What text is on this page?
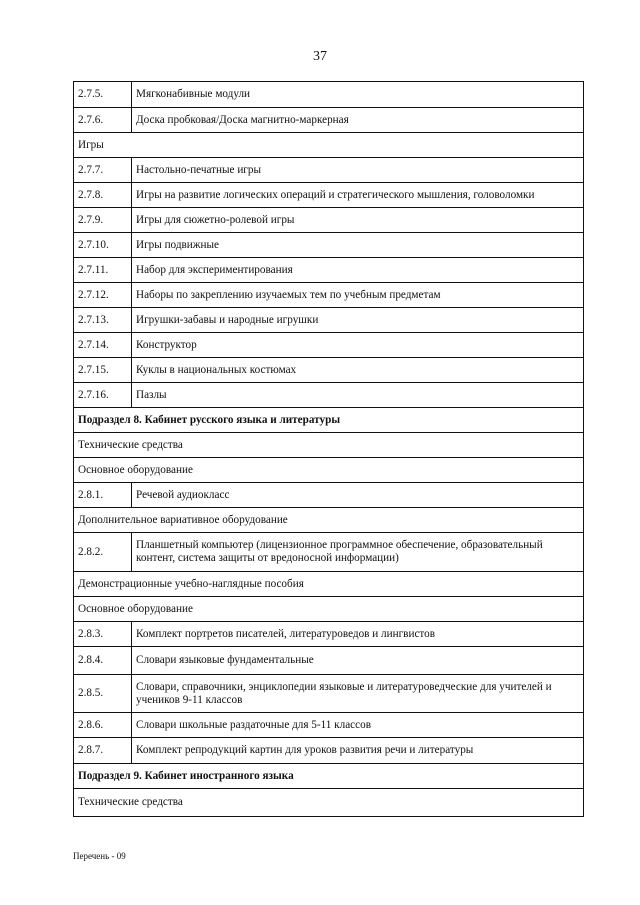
37
2.7.5.	Мягконабивные модули
2.7.6.	Доска пробковая/Доска магнитно-маркерная
Игры	
2.7.7.	Настольно-печатные игры
2.7.8.	Игры на развитие логических операций и стратегического мышления, головоломки
2.7.9.	Игры для сюжетно-ролевой игры
2.7.10.	Игры подвижные
2.7.11.	Набор для экспериментирования
2.7.12.	Наборы по закреплению изучаемых тем по учебным предметам
2.7.13.	Игрушки-забавы и народные игрушки
2.7.14.	Конструктор
2.7.15.	Куклы в национальных костюмах
2.7.16.	Пазлы
Подраздел 8. Кабинет русского языка и литературы	
Технические средства	
Основное оборудование	
2.8.1.	Речевой аудиокласс
Дополнительное вариативное оборудование	
2.8.2.	Планшетный компьютер (лицензионное программное обеспечение, образовательный контент, система защиты от вредоносной информации)
Демонстрационные учебно-наглядные пособия	
Основное оборудование	
2.8.3.	Комплект портретов писателей, литературоведов и лингвистов
2.8.4.	Словари языковые фундаментальные
2.8.5.	Словари, справочники, энциклопедии языковые и литературоведческие для учителей и учеников 9-11 классов
2.8.6.	Словари школьные раздаточные для 5-11 классов
2.8.7.	Комплект репродукций картин для уроков развития речи и литературы
Подраздел 9. Кабинет иностранного языка	
Технические средства	
Перечень - 09
